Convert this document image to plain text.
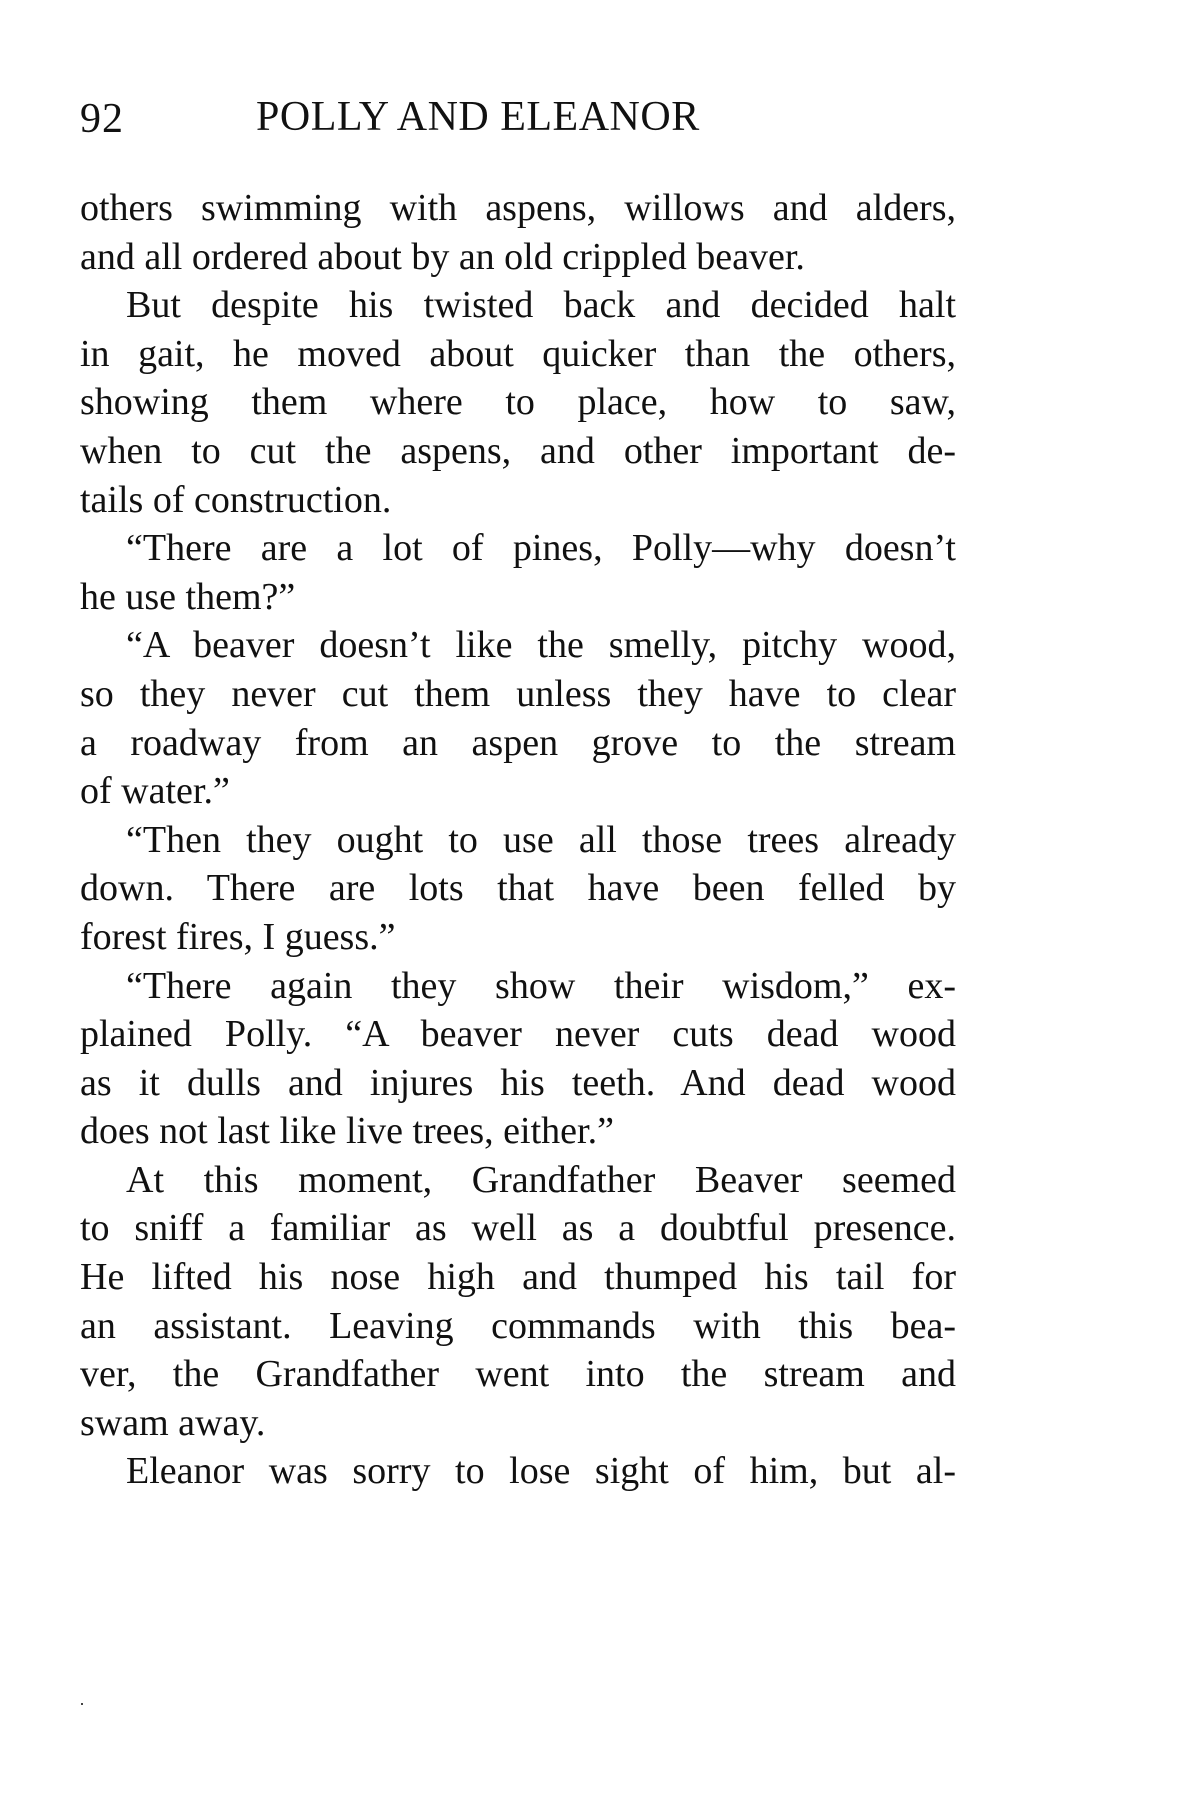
92	POLLY AND ELEANOR
others swimming with aspens, willows and alders,
and all ordered about by an old crippled beaver.
But despite his twisted back and decided halt
in gait, he moved about quicker than the others,
showing them where to place, how to saw,
when to cut the aspens, and other important de-
tails of construction.
“There are a lot of pines, Polly—why doesn’t
he use them?”
“A beaver doesn’t like the smelly, pitchy wood,
so they never cut them unless they have to clear
a roadway from an aspen grove to the stream
of water.”
“Then they ought to use all those trees already
down. There are lots that have been felled by
forest fires, I guess.”
“There again they show their wisdom,” ex-
plained Polly. “A beaver never cuts dead wood
as it dulls and injures his teeth. And dead wood
does not last like live trees, either.”
At this moment, Grandfather Beaver seemed
to sniff a familiar as well as a doubtful presence.
He lifted his nose high and thumped his tail for
an assistant. Leaving commands with this bea-
ver, the Grandfather went into the stream and
swam away.
Eleanor was sorry to lose sight of him, but al-
